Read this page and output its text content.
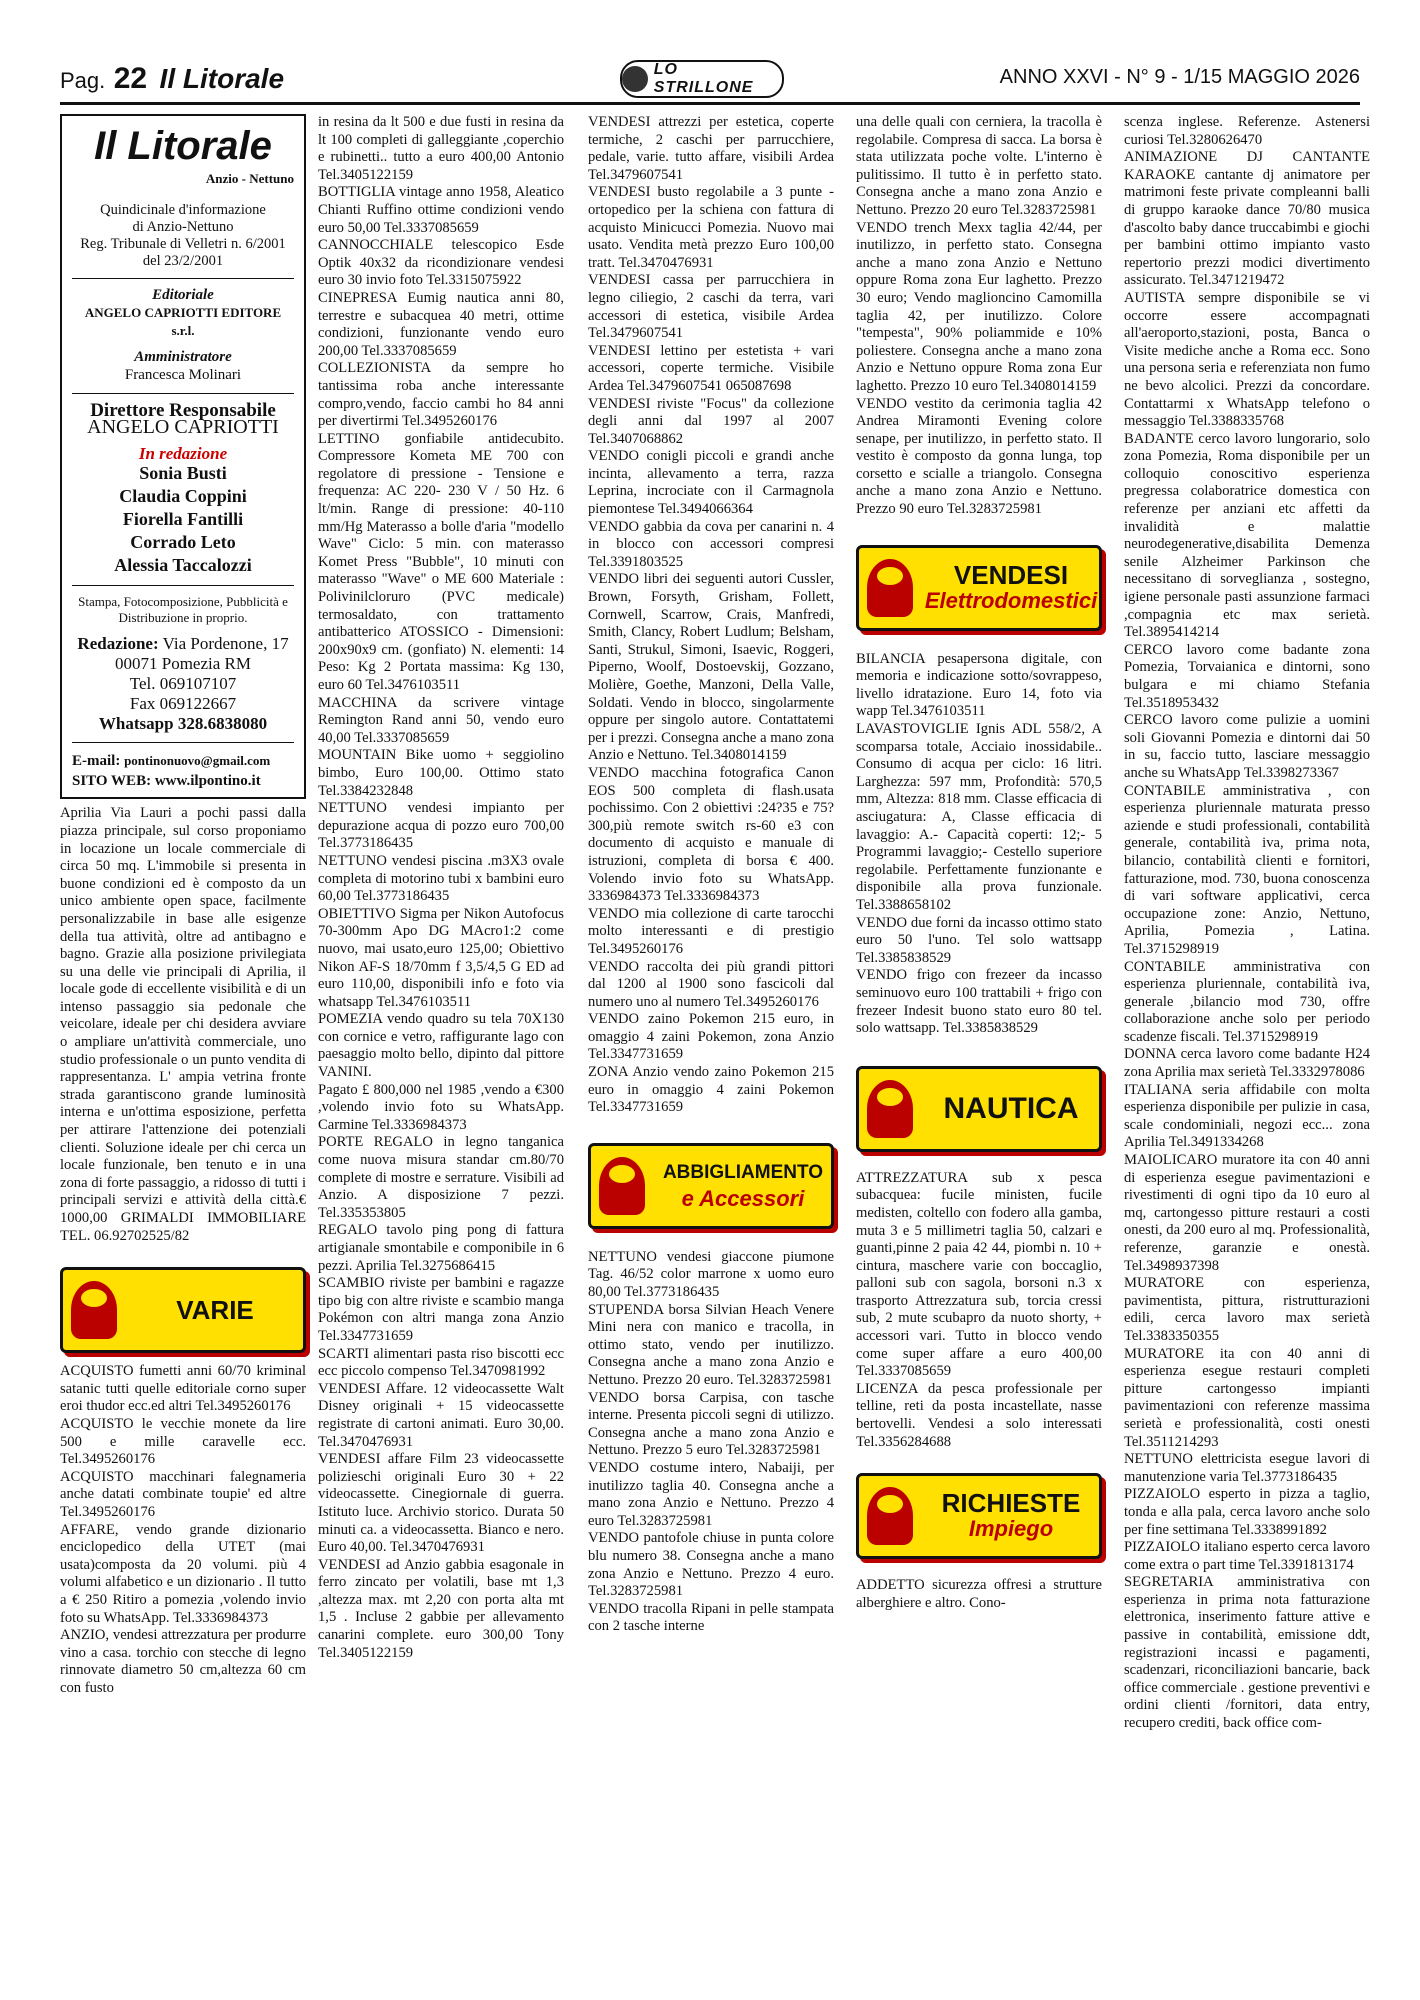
Pag. 22 Il Litorale	LO STRILLONE	ANNO XXVI - N° 9 - 1/15 MAGGIO 2026
Il Litorale
Anzio - Nettuno
Quindicinale d'informazione
di Anzio-Nettuno
Reg. Tribunale di Velletri n. 6/2001
del 23/2/2001
Editoriale
ANGELO CAPRIOTTI EDITORE s.r.l.
Amministratore
Francesca Molinari
Direttore Responsabile
ANGELO CAPRIOTTI
In redazione
Sonia Busti
Claudia Coppini
Fiorella Fantilli
Corrado Leto
Alessia Taccalozzi
Stampa, Fotocomposizione, Pubblicità e Distribuzione in proprio.
Redazione: Via Pordenone, 17
00071 Pomezia RM
Tel. 069107107
Fax 069122667
Whatsapp 328.6838080
E-mail: pontinonuovo@gmail.com
SITO WEB: www.ilpontino.it

Aprilia Via Lauri a pochi passi dalla piazza principale, sul corso proponiamo in locazione un locale commerciale di circa 50 mq. L'immobile si presenta in buone condizioni ed è composto da un unico ambiente open space, facilmente personalizzabile in base alle esigenze della tua attività, oltre ad antibagno e bagno. Grazie alla posizione privilegiata su una delle vie principali di Aprilia, il locale gode di eccellente visibilità e di un intenso passaggio sia pedonale che veicolare, ideale per chi desidera avviare o ampliare un'attività commerciale, uno studio professionale o un punto vendita di rappresentanza. L' ampia vetrina fronte strada garantiscono grande luminosità interna e un'ottima esposizione, perfetta per attirare l'attenzione dei potenziali clienti. Soluzione ideale per chi cerca un locale funzionale, ben tenuto e in una zona di forte passaggio, a ridosso di tutti i principali servizi e attività della città.€ 1000,00 GRIMALDI IMMOBILIARE TEL. 06.92702525/82

VARIE

ACQUISTO fumetti anni 60/70 kriminal satanic tutti quelle editoriale corno super eroi thudor ecc.ed altri Tel.3495260176

ACQUISTO le vecchie monete da lire 500 e mille caravelle ecc. Tel.3495260176

ACQUISTO macchinari falegnameria anche datati combinate toupie' ed altre Tel.3495260176

AFFARE, vendo grande dizionario enciclopedico della UTET (mai usata)composta da 20 volumi. più 4 volumi alfabetico e un dizionario . Il tutto a € 250 Ritiro a pomezia ,volendo invio foto su WhatsApp. Tel.3336984373

ANZIO, vendesi attrezzatura per produrre vino a casa. torchio con stecche di legno rinnovate diametro 50 cm,altezza 60 cm con fusto

in resina da lt 500 e due fusti in resina da lt 100 completi di galleggiante ,coperchio e rubinetti.. tutto a euro 400,00 Antonio Tel.3405122159

BOTTIGLIA vintage anno 1958, Aleatico Chianti Ruffino ottime condizioni vendo euro 50,00 Tel.3337085659

CANNOCCHIALE telescopico Esde Optik 40x32 da ricondizionare vendesi euro 30 invio foto Tel.3315075922

CINEPRESA Eumig nautica anni 80, terrestre e subacquea 40 metri, ottime condizioni, funzionante vendo euro 200,00 Tel.3337085659

COLLEZIONISTA da sempre ho tantissima roba anche interessante compro,vendo, faccio cambi ho 84 anni per divertirmi Tel.3495260176

LETTINO gonfiabile antidecubito. Compressore Kometa ME 700 con regolatore di pressione - Tensione e frequenza: AC 220- 230 V / 50 Hz. 6 lt/min. Range di pressione: 40-110 mm/Hg Materasso a bolle d'aria "modello Wave" Ciclo: 5 min. con materasso Komet Press "Bubble", 10 minuti con materasso "Wave" o ME 600 Materiale : Polivinilcloruro (PVC medicale) termosaldato, con trattamento antibatterico ATOSSICO - Dimensioni: 200x90x9 cm. (gonfiato) N. elementi: 14 Peso: Kg 2 Portata massima: Kg 130, euro 60 Tel.3476103511

MACCHINA da scrivere vintage Remington Rand anni 50, vendo euro 40,00 Tel.3337085659

MOUNTAIN Bike uomo + seggiolino bimbo, Euro 100,00. Ottimo stato Tel.3384232848

NETTUNO vendesi impianto per depurazione acqua di pozzo euro 700,00 Tel.3773186435

NETTUNO vendesi piscina .m3X3 ovale completa di motorino tubi x bambini euro 60,00 Tel.3773186435

OBIETTIVO Sigma per Nikon Autofocus 70-300mm Apo DG MAcro1:2 come nuovo, mai usato,euro 125,00; Obiettivo Nikon AF-S 18/70mm f 3,5/4,5 G ED ad euro 110,00, disponibili info e foto via whatsapp Tel.3476103511

POMEZIA vendo quadro su tela 70X130 con cornice e vetro, raffigurante lago con paesaggio molto bello, dipinto dal pittore VANINI.

Pagato £ 800,000 nel 1985 ,vendo a €300 ,volendo invio foto su WhatsApp. Carmine Tel.3336984373

PORTE REGALO in legno tanganica come nuova misura standar cm.80/70 complete di mostre e serrature. Visibili ad Anzio. A disposizione 7 pezzi. Tel.335353805

REGALO tavolo ping pong di fattura artigianale smontabile e componibile in 6 pezzi. Aprilia Tel.3275686415

SCAMBIO riviste per bambini e ragazze tipo big con altre riviste e scambio manga Pokémon con altri manga zona Anzio Tel.3347731659

SCARTI alimentari pasta riso biscotti ecc ecc piccolo compenso Tel.3470981992

VENDESI Affare. 12 videocassette Walt Disney originali + 15 videocassette registrate di cartoni animati. Euro 30,00. Tel.3470476931

VENDESI affare Film 23 videocassette polizieschi originali Euro 30 + 22 videocassette. Cinegiornale di guerra. Istituto luce. Archivio storico. Durata 50 minuti ca. a videocassetta. Bianco e nero. Euro 40,00. Tel.3470476931

VENDESI ad Anzio gabbia esagonale in ferro zincato per volatili, base mt 1,3 ,altezza max. mt 2,20 con porta alta mt 1,5 . Incluse 2 gabbie per allevamento canarini complete. euro 300,00 Tony Tel.3405122159

VENDESI attrezzi per estetica, coperte termiche, 2 caschi per parrucchiere, pedale, varie. tutto affare, visibili Ardea Tel.3479607541

VENDESI busto regolabile a 3 punte - ortopedico per la schiena con fattura di acquisto Minicucci Pomezia. Nuovo mai usato. Vendita metà prezzo Euro 100,00 tratt. Tel.3470476931

VENDESI cassa per parrucchiera in legno ciliegio, 2 caschi da terra, vari accessori di estetica, visibile Ardea Tel.3479607541

VENDESI lettino per estetista + vari accessori, coperte termiche. Visibile Ardea Tel.3479607541 065087698

VENDESI riviste "Focus" da collezione degli anni dal 1997 al 2007 Tel.3407068862

VENDO conigli piccoli e grandi anche incinta, allevamento a terra, razza Leprina, incrociate con il Carmagnola piemontese Tel.3494066364

VENDO gabbia da cova per canarini n. 4 in blocco con accessori compresi Tel.3391803525

VENDO libri dei seguenti autori Cussler, Brown, Forsyth, Grisham, Follett, Cornwell, Scarrow, Crais, Manfredi, Smith, Clancy, Robert Ludlum; Belsham, Santi, Strukul, Simoni, Isaevic, Roggeri, Piperno, Woolf, Dostoevskij, Gozzano, Molière, Goethe, Manzoni, Della Valle, Soldati. Vendo in blocco, singolarmente oppure per singolo autore. Contattatemi per i prezzi. Consegna anche a mano zona Anzio e Nettuno. Tel.3408014159

VENDO macchina fotografica Canon EOS 500 completa di flash.usata pochissimo. Con 2 obiettivi :24?35 e 75?300,più remote switch rs-60 e3 con documento di acquisto e manuale di istruzioni, completa di borsa € 400. Volendo invio foto su WhatsApp. 3336984373 Tel.3336984373

VENDO mia collezione di carte tarocchi molto interessanti e di prestigio Tel.3495260176

VENDO raccolta dei più grandi pittori dal 1200 al 1900 sono fascicoli dal numero uno al numero Tel.3495260176

VENDO zaino Pokemon 215 euro, in omaggio 4 zaini Pokemon, zona Anzio Tel.3347731659

ZONA Anzio vendo zaino Pokemon 215 euro in omaggio 4 zaini Pokemon Tel.3347731659

ABBIGLIAMENTO
e Accessori

NETTUNO vendesi giaccone piumone Tag. 46/52 color marrone x uomo euro 80,00 Tel.3773186435

STUPENDA borsa Silvian Heach Venere Mini nera con manico e tracolla, in ottimo stato, vendo per inutilizzo. Consegna anche a mano zona Anzio e Nettuno. Prezzo 20 euro. Tel.3283725981

VENDO borsa Carpisa, con tasche interne. Presenta piccoli segni di utilizzo. Consegna anche a mano zona Anzio e Nettuno. Prezzo 5 euro Tel.3283725981

VENDO costume intero, Nabaiji, per inutilizzo taglia 40. Consegna anche a mano zona Anzio e Nettuno. Prezzo 4 euro Tel.3283725981

VENDO pantofole chiuse in punta colore blu numero 38. Consegna anche a mano zona Anzio e Nettuno. Prezzo 4 euro. Tel.3283725981

VENDO tracolla Ripani in pelle stampata con 2 tasche interne

una delle quali con cerniera, la tracolla è regolabile. Compresa di sacca. La borsa è stata utilizzata poche volte. L'interno è pulitissimo. Il tutto è in perfetto stato. Consegna anche a mano zona Anzio e Nettuno. Prezzo 20 euro Tel.3283725981

VENDO trench Mexx taglia 42/44, per inutilizzo, in perfetto stato. Consegna anche a mano zona Anzio e Nettuno oppure Roma zona Eur laghetto. Prezzo 30 euro; Vendo maglioncino Camomilla taglia 42, per inutilizzo. Colore "tempesta", 90% poliammide e 10% poliestere. Consegna anche a mano zona Anzio e Nettuno oppure Roma zona Eur laghetto. Prezzo 10 euro Tel.3408014159

VENDO vestito da cerimonia taglia 42 Andrea Miramonti Evening colore senape, per inutilizzo, in perfetto stato. Il vestito è composto da gonna lunga, top corsetto e scialle a triangolo. Consegna anche a mano zona Anzio e Nettuno. Prezzo 90 euro Tel.3283725981

VENDESI
Elettrodomestici

BILANCIA pesapersona digitale, con memoria e indicazione sotto/sovrappeso, livello idratazione. Euro 14, foto via wapp Tel.3476103511

LAVASTOVIGLIE Ignis ADL 558/2, A scomparsa totale, Acciaio inossidabile.. Consumo di acqua per ciclo: 16 litri. Larghezza: 597 mm, Profondità: 570,5 mm, Altezza: 818 mm. Classe efficacia di asciugatura: A, Classe efficacia di lavaggio: A.- Capacità coperti: 12;- 5 Programmi lavaggio;- Cestello superiore regolabile. Perfettamente funzionante e disponibile alla prova funzionale. Tel.3388658102

VENDO due forni da incasso ottimo stato euro 50 l'uno. Tel solo wattsapp Tel.3385838529

VENDO frigo con frezeer da incasso seminuovo euro 100 trattabili + frigo con frezeer Indesit buono stato euro 80 tel. solo wattsapp. Tel.3385838529

NAUTICA

ATTREZZATURA sub x pesca subacquea: fucile ministen, fucile medisten, coltello con fodero alla gamba, muta 3 e 5 millimetri taglia 50, calzari e guanti,pinne 2 paia 42 44, piombi n. 10 + cintura, maschere varie con boccaglio, palloni sub con sagola, borsoni n.3 x trasporto Attrezzatura sub, torcia cressi sub, 2 mute scubapro da nuoto shorty, + accessori vari. Tutto in blocco vendo come super affare a euro 400,00 Tel.3337085659

LICENZA da pesca professionale per telline, reti da posta incastellate, nasse bertovelli. Vendesi a solo interessati Tel.3356284688

RICHIESTE
Impiego

ADDETTO sicurezza offresi a strutture alberghiere e altro. Cono-

scenza inglese. Referenze. Astenersi curiosi Tel.3280626470

ANIMAZIONE DJ CANTANTE KARAOKE cantante dj animatore per matrimoni feste private compleanni balli di gruppo karaoke dance 70/80 musica d'ascolto baby dance truccabimbi e giochi per bambini ottimo impianto vasto repertorio prezzi modici divertimento assicurato. Tel.3471219472

AUTISTA sempre disponibile se vi occorre essere accompagnati all'aeroporto,stazioni, posta, Banca o Visite mediche anche a Roma ecc. Sono una persona seria e referenziata non fumo ne bevo alcolici. Prezzi da concordare. Contattarmi x WhatsApp telefono o messaggio Tel.3388335768

BADANTE cerco lavoro lungorario, solo zona Pomezia, Roma disponibile per un colloquio conoscitivo esperienza pregressa colaboratrice domestica con referenze per anziani etc affetti da invalidità e malattie neurodegenerative,disabilita Demenza senile Alzheimer Parkinson che necessitano di sorveglianza , sostegno, igiene personale pasti assunzione farmaci ,compagnia etc max serietà. Tel.3895414214

CERCO lavoro come badante zona Pomezia, Torvaianica e dintorni, sono bulgara e mi chiamo Stefania Tel.3518953432

CERCO lavoro come pulizie a uomini soli Giovanni Pomezia e dintorni dai 50 in su, faccio tutto, lasciare messaggio anche su WhatsApp Tel.3398273367

CONTABILE amministrativa , con esperienza pluriennale maturata presso aziende e studi professionali, contabilità generale, contabilità iva, prima nota, bilancio, contabilità clienti e fornitori, fatturazione, mod. 730, buona conoscenza di vari software applicativi, cerca occupazione zone: Anzio, Nettuno, Aprilia, Pomezia , Latina. Tel.3715298919

CONTABILE amministrativa con esperienza pluriennale, contabilità iva, generale ,bilancio mod 730, offre collaborazione anche solo per periodo scadenze fiscali. Tel.3715298919

DONNA cerca lavoro come badante H24 zona Aprilia max serietà Tel.3332978086

ITALIANA seria affidabile con molta esperienza disponibile per pulizie in casa, scale condominiali, negozi ecc... zona Aprilia Tel.3491334268

MAIOLICARO muratore ita con 40 anni di esperienza esegue pavimentazioni e rivestimenti di ogni tipo da 10 euro al mq, cartongesso pitture restauri a costi onesti, da 200 euro al mq. Professionalità, referenze, garanzie e onestà. Tel.3498937398

MURATORE con esperienza, pavimentista, pittura, ristrutturazioni edili, cerca lavoro max serietà Tel.3383350355

MURATORE ita con 40 anni di esperienza esegue restauri completi pitture cartongesso impianti pavimentazioni con referenze massima serietà e professionalità, costi onesti Tel.3511214293

NETTUNO elettricista esegue lavori di manutenzione varia Tel.3773186435

PIZZAIOLO esperto in pizza a taglio, tonda e alla pala, cerca lavoro anche solo per fine settimana Tel.3338991892

PIZZAIOLO italiano esperto cerca lavoro come extra o part time Tel.3391813174

SEGRETARIA amministrativa con esperienza in prima nota fatturazione elettronica, inserimento fatture attive e passive in contabilità, emissione ddt, registrazioni incassi e pagamenti, scadenzari, riconciliazioni bancarie, back office commerciale . gestione preventivi e ordini clienti /fornitori, data entry, recupero crediti, back office com-
